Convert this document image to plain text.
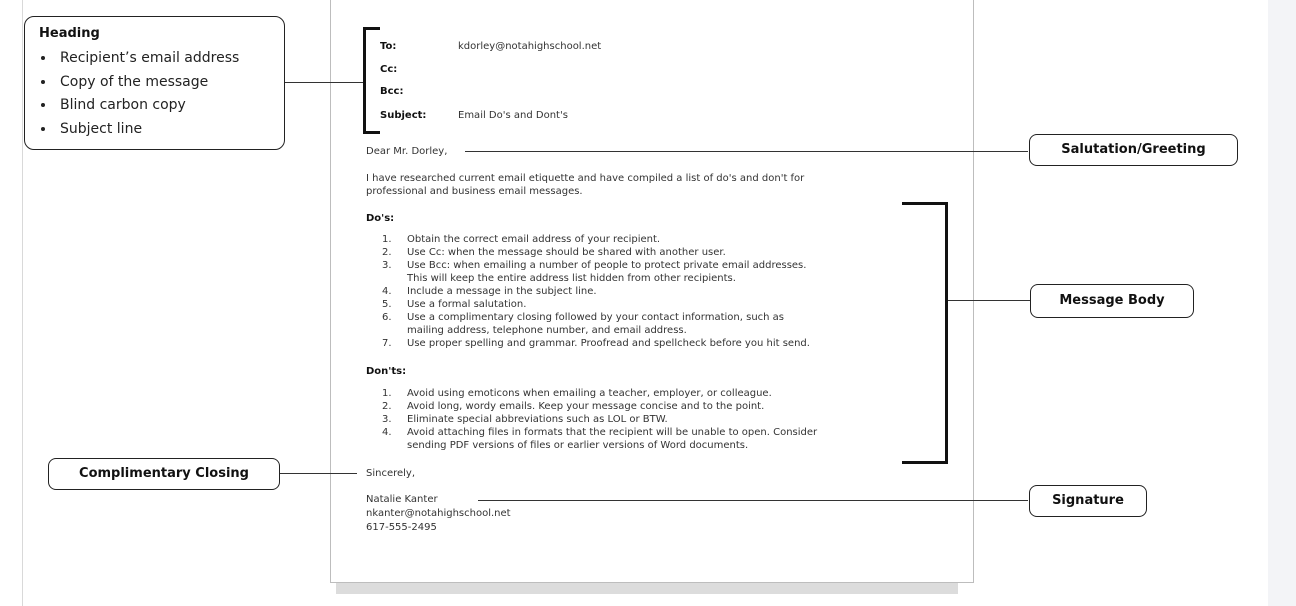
To:	kdorley@notahighschool.net
Cc:
Bcc:
Subject:	Email Do's and Dont's
Dear Mr. Dorley,
I have researched current email etiquette and have compiled a list of do's and don't for
professional and business email messages.
Do's:
1. Obtain the correct email address of your recipient.
2. Use Cc: when the message should be shared with another user.
3. Use Bcc: when emailing a number of people to protect private email addresses.
This will keep the entire address list hidden from other recipients.
4. Include a message in the subject line.
5. Use a formal salutation.
6. Use a complimentary closing followed by your contact information, such as
mailing address, telephone number, and email address.
7. Use proper spelling and grammar. Proofread and spellcheck before you hit send.
Don'ts:
1. Avoid using emoticons when emailing a teacher, employer, or colleague.
2. Avoid long, wordy emails. Keep your message concise and to the point.
3. Eliminate special abbreviations such as LOL or BTW.
4. Avoid attaching files in formats that the recipient will be unable to open. Consider
sending PDF versions of files or earlier versions of Word documents.
Sincerely,
Natalie Kanter
nkanter@notahighschool.net
617-555-2495
Heading
Recipient’s email address
Copy of the message
Blind carbon copy
Subject line
Salutation/Greeting
Message Body
Complimentary Closing
Signature
